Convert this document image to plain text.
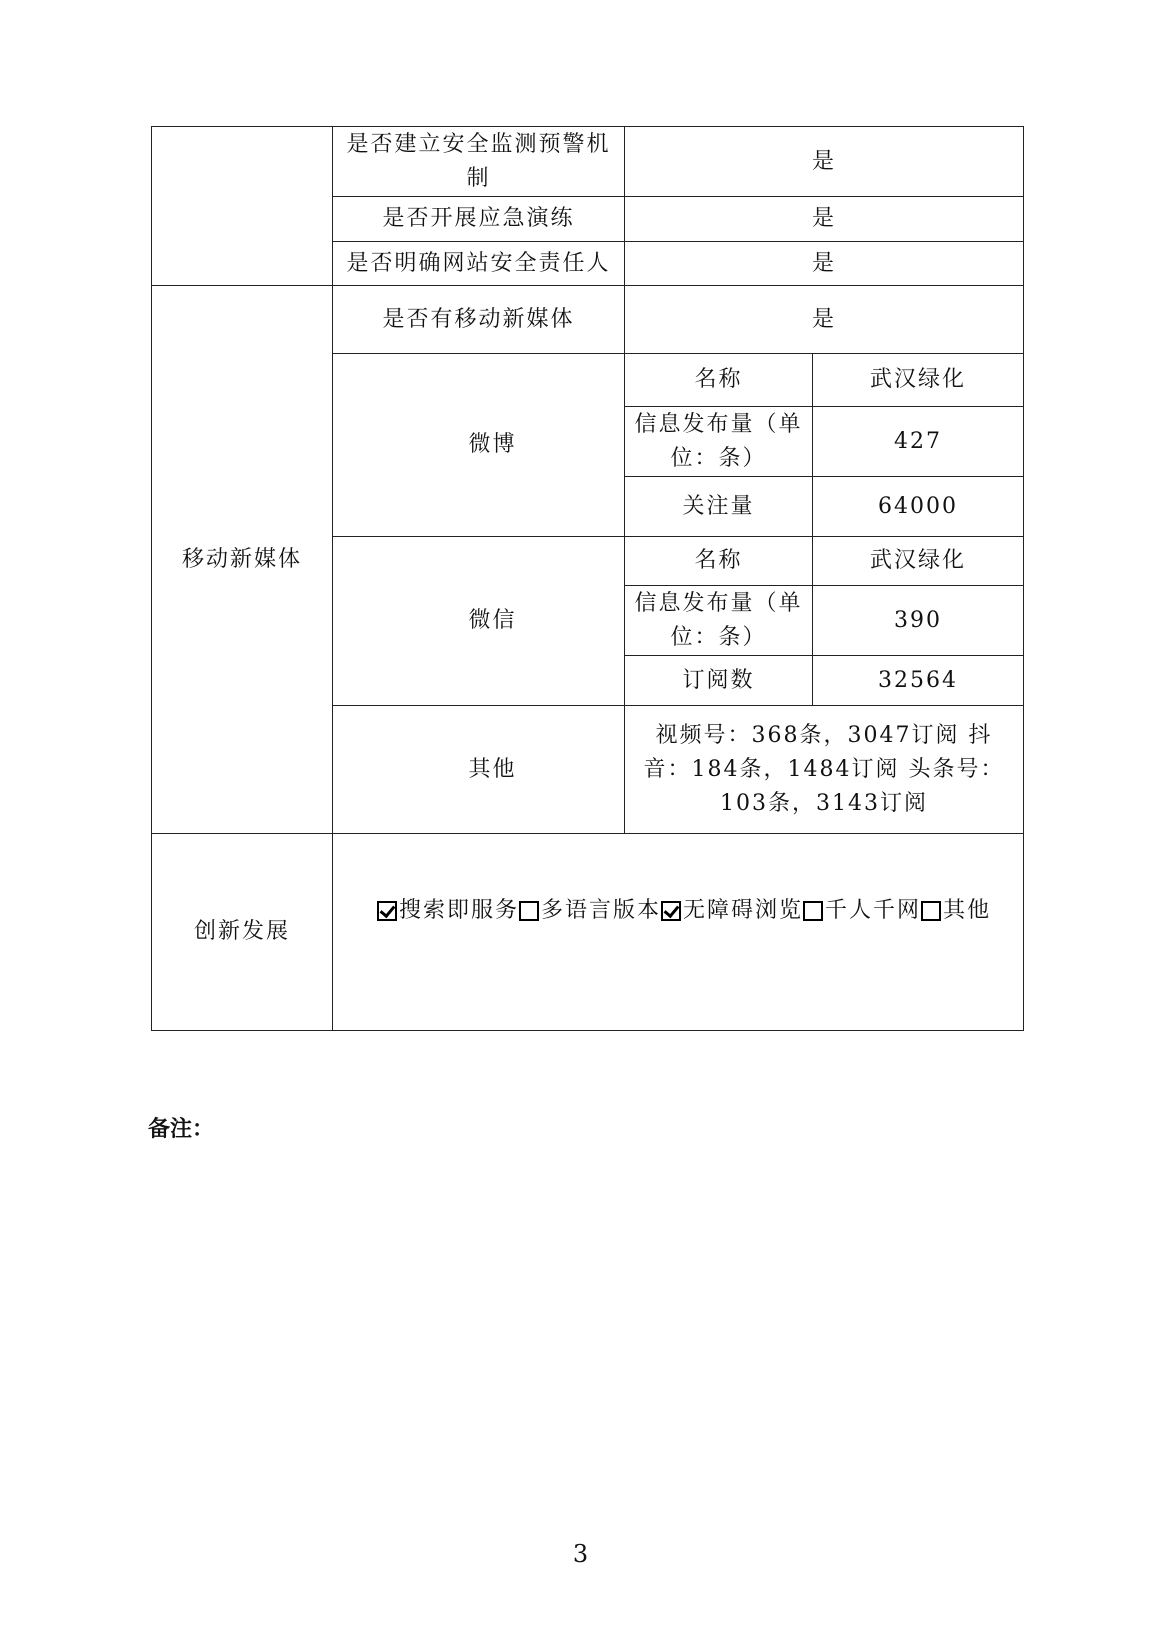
	是否建立安全监测预警机制	是	
	是否开展应急演练	是	
	是否明确网站安全责任人	是	
移动新媒体	是否有移动新媒体	是	
	微博	名称	武汉绿化
		信息发布量（单位：条）	427
		关注量	64000
	微信	名称	武汉绿化
		信息发布量（单位：条）	390
		订阅数	32564
	其他	视频号：368条，3047订阅 抖音：184条，1484订阅 头条号：103条，3143订阅	
创新发展	搜索即服务 多语言版本 无障碍浏览 千人千网 其他		
备注：
3
